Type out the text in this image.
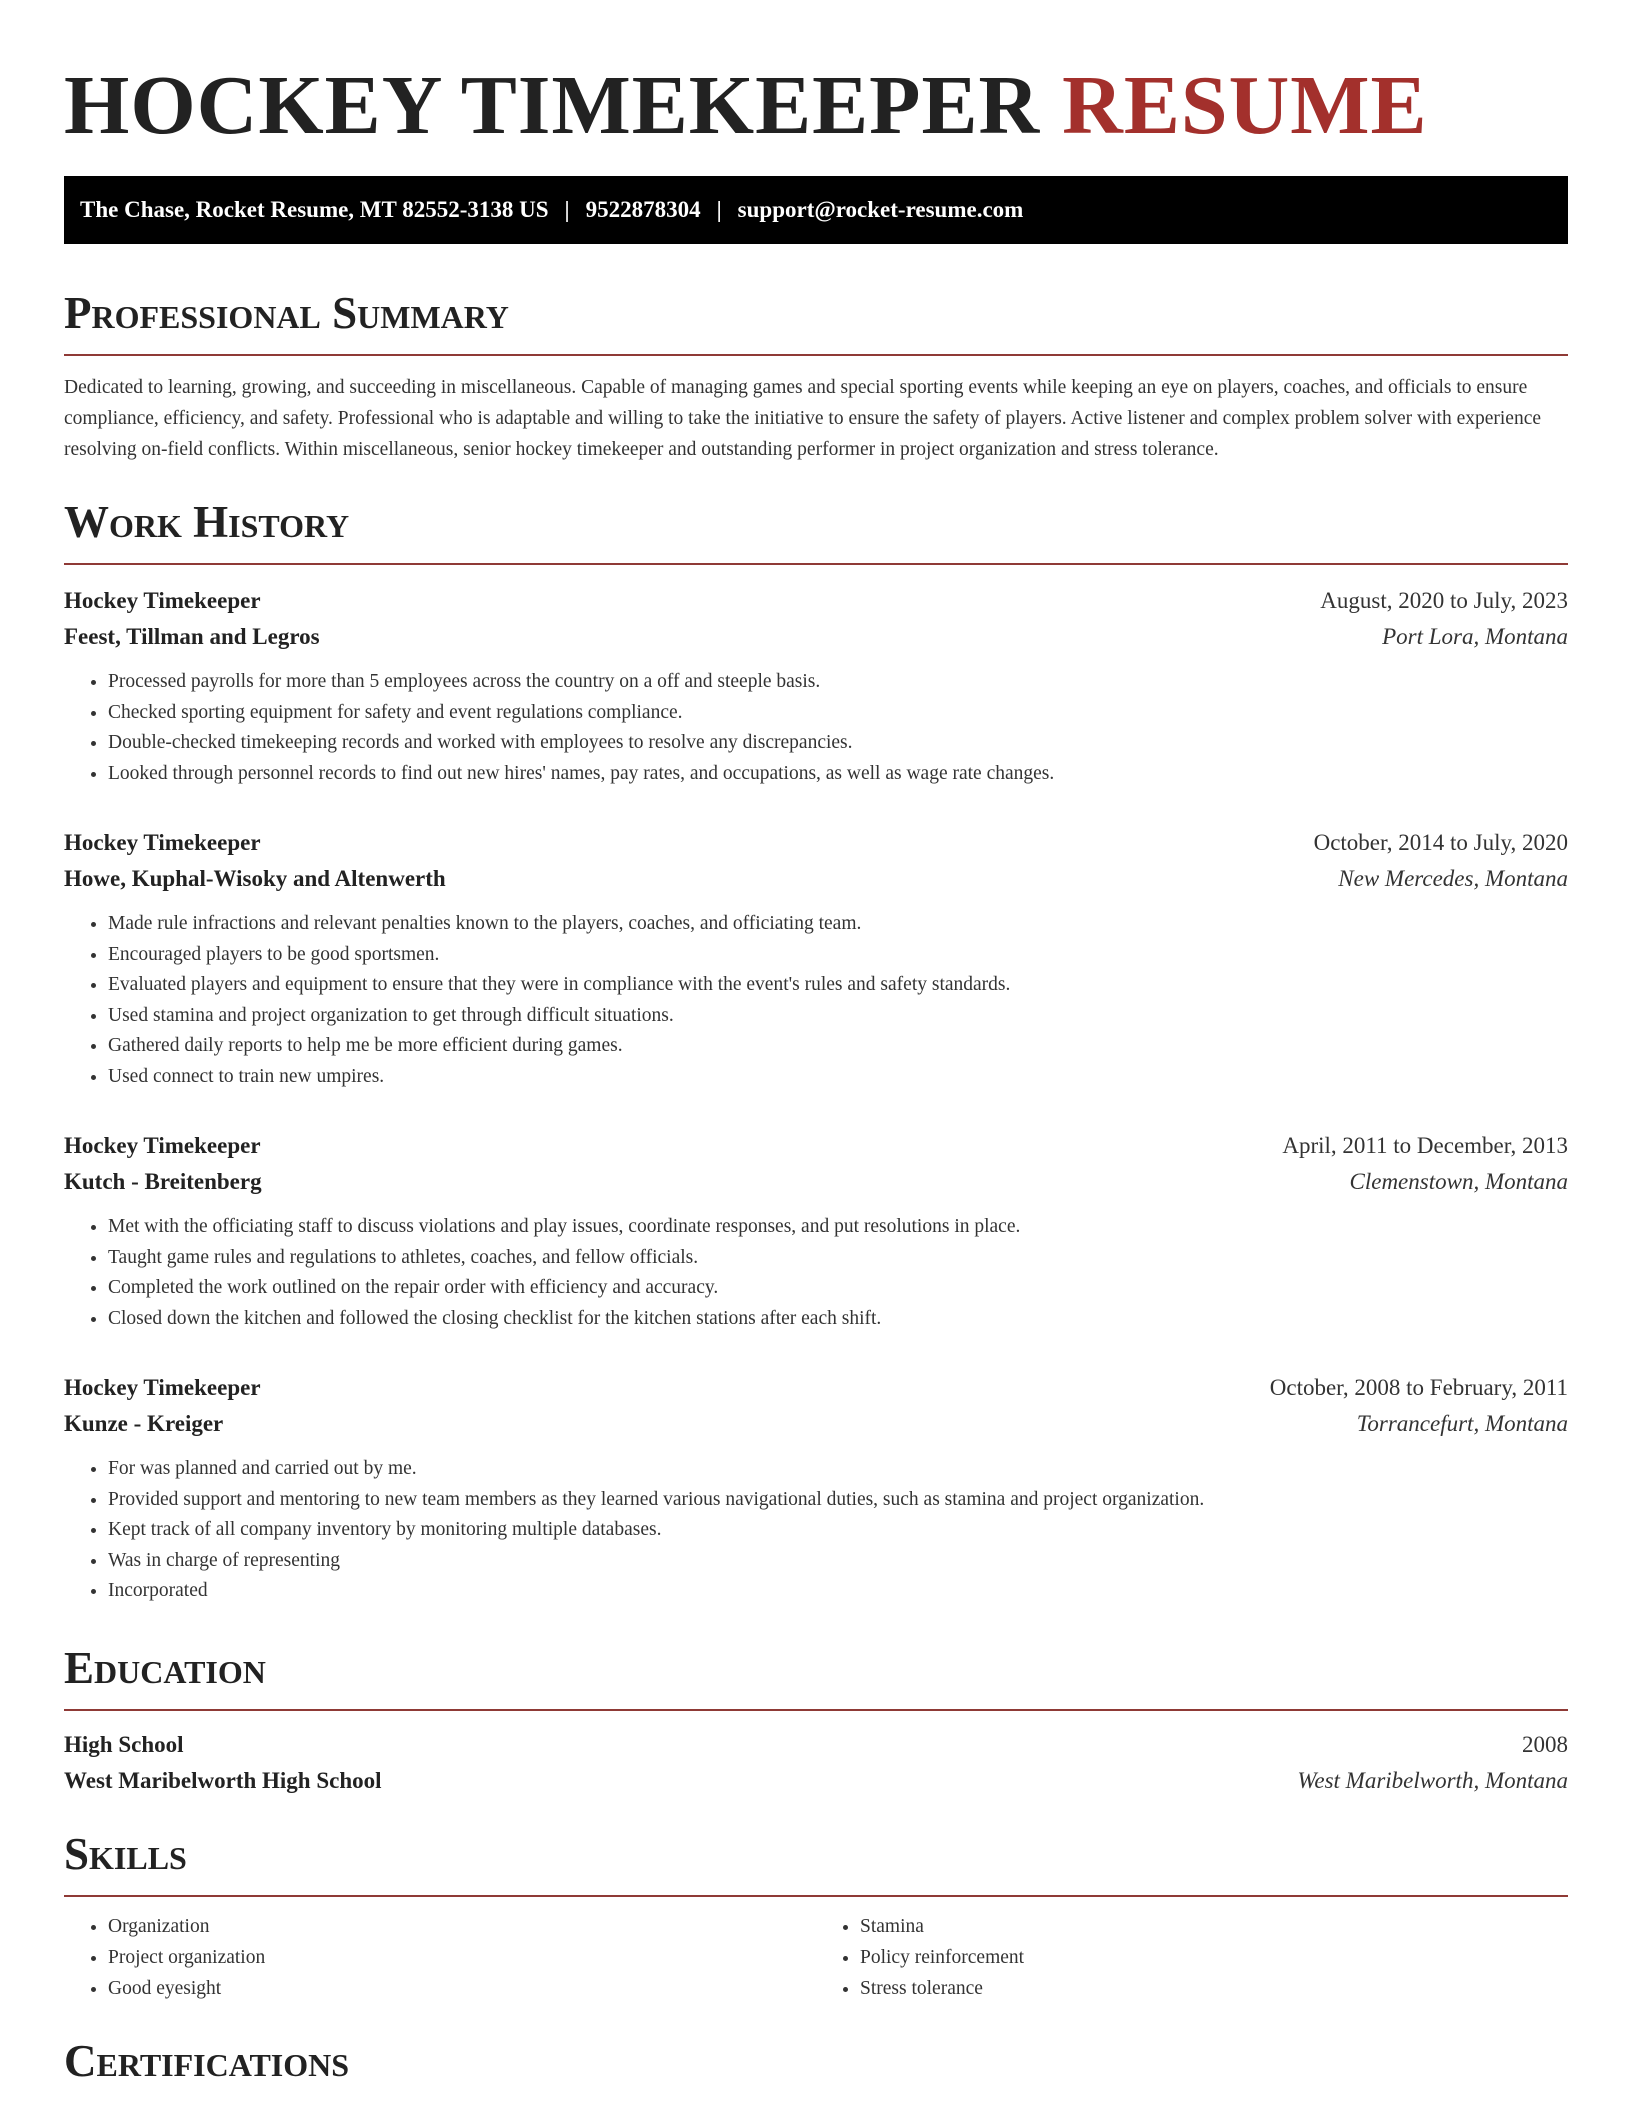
HOCKEY TIMEKEEPER RESUME
The Chase, Rocket Resume, MT 82552-3138 US | 9522878304 | support@rocket-resume.com
Professional Summary

Dedicated to learning, growing, and succeeding in miscellaneous. Capable of managing games and special sporting events while keeping an eye on players, coaches, and officials to ensure compliance, efficiency, and safety. Professional who is adaptable and willing to take the initiative to ensure the safety of players. Active listener and complex problem solver with experience resolving on-field conflicts. Within miscellaneous, senior hockey timekeeper and outstanding performer in project organization and stress tolerance.

Work History
Hockey Timekeeper	August, 2020 to July, 2023
Feest, Tillman and Legros	Port Lora, Montana
• Processed payrolls for more than 5 employees across the country on a off and steeple basis.
• Checked sporting equipment for safety and event regulations compliance.
• Double-checked timekeeping records and worked with employees to resolve any discrepancies.
• Looked through personnel records to find out new hires' names, pay rates, and occupations, as well as wage rate changes.
Hockey Timekeeper	October, 2014 to July, 2020
Howe, Kuphal-Wisoky and Altenwerth	New Mercedes, Montana
• Made rule infractions and relevant penalties known to the players, coaches, and officiating team.
• Encouraged players to be good sportsmen.
• Evaluated players and equipment to ensure that they were in compliance with the event's rules and safety standards.
• Used stamina and project organization to get through difficult situations.
• Gathered daily reports to help me be more efficient during games.
• Used connect to train new umpires.
Hockey Timekeeper	April, 2011 to December, 2013
Kutch - Breitenberg	Clemenstown, Montana
• Met with the officiating staff to discuss violations and play issues, coordinate responses, and put resolutions in place.
• Taught game rules and regulations to athletes, coaches, and fellow officials.
• Completed the work outlined on the repair order with efficiency and accuracy.
• Closed down the kitchen and followed the closing checklist for the kitchen stations after each shift.
Hockey Timekeeper	October, 2008 to February, 2011
Kunze - Kreiger	Torrancefurt, Montana
• For was planned and carried out by me.
• Provided support and mentoring to new team members as they learned various navigational duties, such as stamina and project organization.
• Kept track of all company inventory by monitoring multiple databases.
• Was in charge of representing
• Incorporated
Education
High School	2008
West Maribelworth High School	West Maribelworth, Montana
Skills
• Organization
• Project organization
• Good eyesight
• Stamina
• Policy reinforcement
• Stress tolerance
Certifications
